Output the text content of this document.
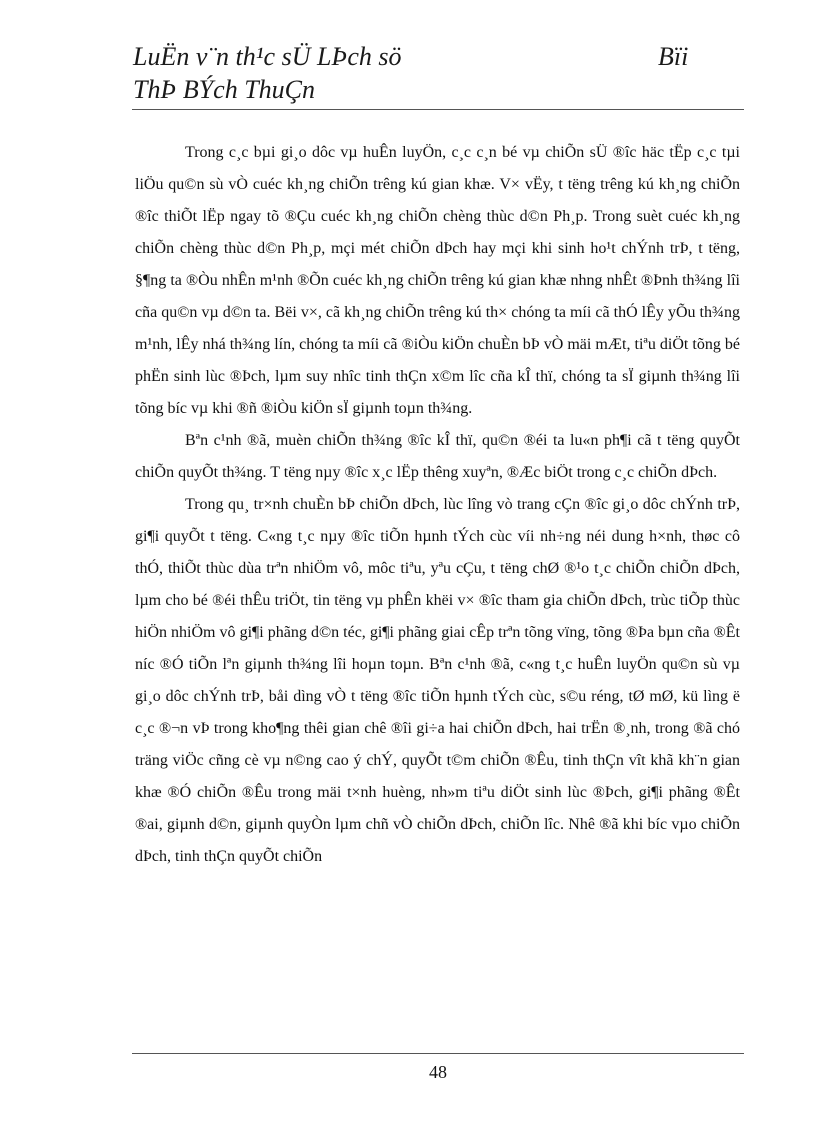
LuËn v¨n th¹c sÜ LÞch sö	Bïi
ThÞ BÝch ThuÇn

Trong c¸c bµi gi¸o dôc vµ huÊn luyÖn, c¸c c¸n bé vµ chiÕn sÜ ®îc häc tËp c¸c tµi liÖu qu©n sù vÒ cuéc kh¸ng chiÕn trêng kú gian khæ. V× vËy, t tëng trêng kú kh¸ng chiÕn ®îc thiÕt lËp ngay tõ ®Çu cuéc kh¸ng chiÕn chèng thùc d©n Ph¸p. Trong suèt cuéc kh¸ng chiÕn chèng thùc d©n Ph¸p, mçi mét chiÕn dÞch hay mçi khi sinh ho¹t chÝnh trÞ, t tëng, §¶ng ta ®Òu nhÊn m¹nh ®Õn cuéc kh¸ng chiÕn trêng kú gian khæ nhng nhÊt ®Þnh th¾ng lîi cña qu©n vµ d©n ta. Bëi v×, cã kh¸ng chiÕn trêng kú th× chóng ta míi cã thÓ lÊy yÕu th¾ng m¹nh, lÊy nhá th¾ng lín, chóng ta míi cã ®iÒu kiÖn chuÈn bÞ vÒ mäi mÆt, tiªu diÖt tõng bé phËn sinh lùc ®Þch, lµm suy nhîc tinh thÇn x©m lîc cña kÎ thï, chóng ta sÏ giµnh th¾ng lîi tõng bíc vµ khi ®ñ ®iÒu kiÖn sÏ giµnh toµn th¾ng.

Bªn c¹nh ®ã, muèn chiÕn th¾ng ®îc kÎ thï, qu©n ®éi ta lu«n ph¶i cã t tëng quyÕt chiÕn quyÕt th¾ng. T tëng nµy ®îc x¸c lËp thêng xuyªn, ®Æc biÖt trong c¸c chiÕn dÞch.

Trong qu¸ tr×nh chuÈn bÞ chiÕn dÞch, lùc lîng vò trang cÇn ®îc gi¸o dôc chÝnh trÞ, gi¶i quyÕt t tëng. C«ng t¸c nµy ®îc tiÕn hµnh tÝch cùc víi nh÷ng néi dung h×nh, thøc cô thÓ, thiÕt thùc dùa trªn nhiÖm vô, môc tiªu, yªu cÇu, t tëng chØ ®¹o t¸c chiÕn chiÕn dÞch, lµm cho bé ®éi thÊu triÖt, tin tëng vµ phÊn khëi v× ®îc tham gia chiÕn dÞch, trùc tiÕp thùc hiÖn nhiÖm vô gi¶i phãng d©n téc, gi¶i phãng giai cÊp trªn tõng vïng, tõng ®Þa bµn cña ®Êt níc ®Ó tiÕn lªn giµnh th¾ng lîi hoµn toµn. Bªn c¹nh ®ã, c«ng t¸c huÊn luyÖn qu©n sù vµ gi¸o dôc chÝnh trÞ, båi dìng vÒ t tëng ®îc tiÕn hµnh tÝch cùc, s©u réng, tØ mØ, kü lìng ë c¸c ®¬n vÞ trong kho¶ng thêi gian chê ®îi gi÷a hai chiÕn dÞch, hai trËn ®¸nh, trong ®ã chó träng viÖc cñng cè vµ n©ng cao ý chÝ, quyÕt t©m chiÕn ®Êu, tinh thÇn vît khã kh¨n gian khæ ®Ó chiÕn ®Êu trong mäi t×nh huèng, nh»m tiªu diÖt sinh lùc ®Þch, gi¶i phãng ®Êt ®ai, giµnh d©n, giµnh quyÒn lµm chñ vÒ chiÕn dÞch, chiÕn lîc. Nhê ®ã khi bíc vµo chiÕn dÞch, tinh thÇn quyÕt chiÕn

48
